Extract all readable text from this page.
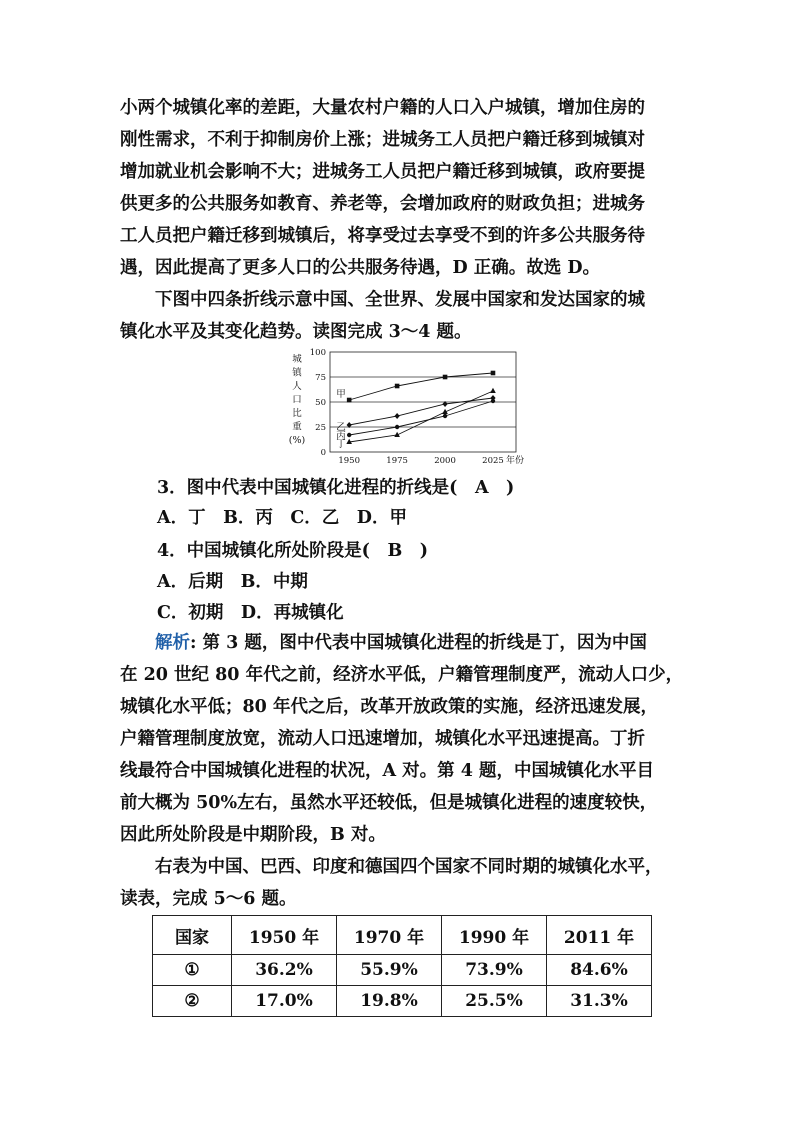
小两个城镇化率的差距，大量农村户籍的人口入户城镇，增加住房的
刚性需求，不利于抑制房价上涨；进城务工人员把户籍迁移到城镇对
增加就业机会影响不大；进城务工人员把户籍迁移到城镇，政府要提
供更多的公共服务如教育、养老等，会增加政府的财政负担；进城务
工人员把户籍迁移到城镇后，将享受过去享受不到的许多公共服务待
遇，因此提高了更多人口的公共服务待遇，D 正确。故选 D。

下图中四条折线示意中国、全世界、发展中国家和发达国家的城
镇化水平及其变化趋势。读图完成 3～4 题。

城
镇
人
口
比
重
(%)
0
25
50
75
100
甲
乙
丙
丁
1950	1975	2000	2025 年份
3．图中代表中国城镇化进程的折线是(　A　)
A．丁　B．丙　C．乙　D．甲
4．中国城镇化所处阶段是(　B　)
A．后期　B．中期
C．初期　D．再城镇化

解析: 第 3 题，图中代表中国城镇化进程的折线是丁，因为中国
在 20 世纪 80 年代之前，经济水平低，户籍管理制度严，流动人口少，
城镇化水平低；80 年代之后，改革开放政策的实施，经济迅速发展，
户籍管理制度放宽，流动人口迅速增加，城镇化水平迅速提高。丁折
线最符合中国城镇化进程的状况，A 对。第 4 题，中国城镇化水平目
前大概为 50%左右，虽然水平还较低，但是城镇化进程的速度较快，
因此所处阶段是中期阶段，B 对。

右表为中国、巴西、印度和德国四个国家不同时期的城镇化水平，
读表，完成 5～6 题。

国家	1950 年	1970 年	1990 年	2011 年
①	36.2%	55.9%	73.9%	84.6%
②	17.0%	19.8%	25.5%	31.3%
